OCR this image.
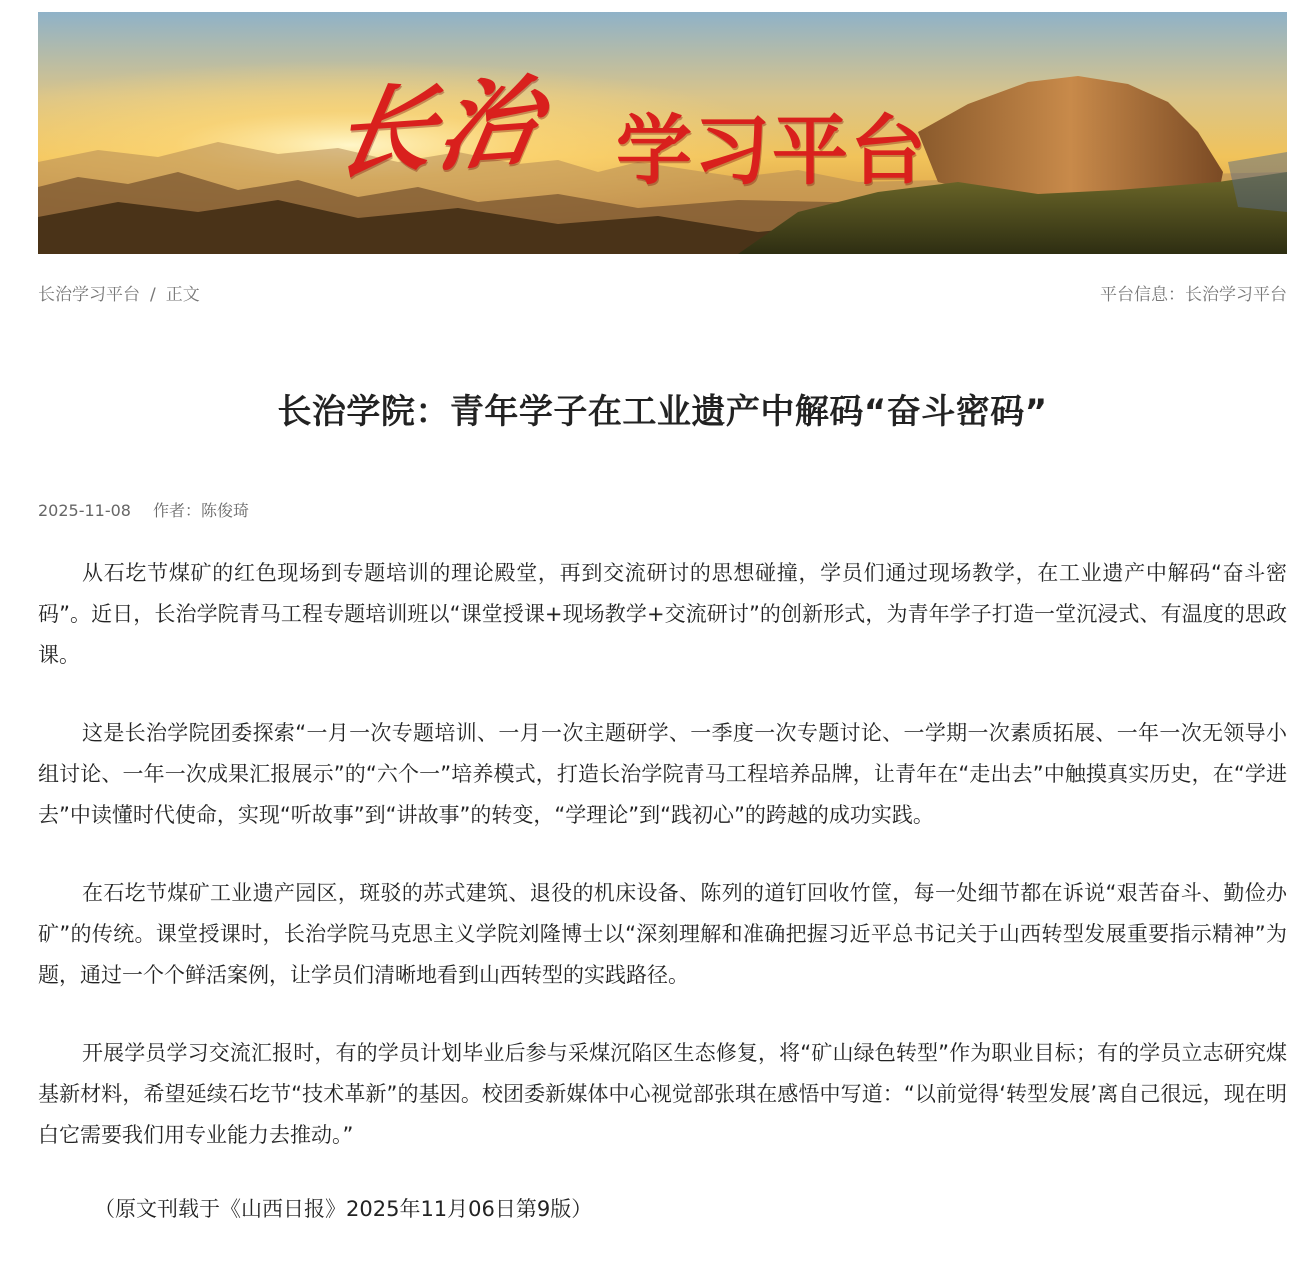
长治 学习平台
长治学习平台 / 正文	平台信息：长治学习平台
长治学院：青年学子在工业遗产中解码“奋斗密码”
2025-11-08 作者：陈俊琦

从石圪节煤矿的红色现场到专题培训的理论殿堂，再到交流研讨的思想碰撞，学员们通过现场教学，在工业遗产中解码“奋斗密码”。近日，长治学院青马工程专题培训班以“课堂授课+现场教学+交流研讨”的创新形式，为青年学子打造一堂沉浸式、有温度的思政课。

这是长治学院团委探索“一月一次专题培训、一月一次主题研学、一季度一次专题讨论、一学期一次素质拓展、一年一次无领导小组讨论、一年一次成果汇报展示”的“六个一”培养模式，打造长治学院青马工程培养品牌，让青年在“走出去”中触摸真实历史，在“学进去”中读懂时代使命，实现“听故事”到“讲故事”的转变，“学理论”到“践初心”的跨越的成功实践。

在石圪节煤矿工业遗产园区，斑驳的苏式建筑、退役的机床设备、陈列的道钉回收竹筐，每一处细节都在诉说“艰苦奋斗、勤俭办矿”的传统。课堂授课时，长治学院马克思主义学院刘隆博士以“深刻理解和准确把握习近平总书记关于山西转型发展重要指示精神”为题，通过一个个鲜活案例，让学员们清晰地看到山西转型的实践路径。

开展学员学习交流汇报时，有的学员计划毕业后参与采煤沉陷区生态修复，将“矿山绿色转型”作为职业目标；有的学员立志研究煤基新材料，希望延续石圪节“技术革新”的基因。校团委新媒体中心视觉部张琪在感悟中写道：“以前觉得‘转型发展’离自己很远，现在明白它需要我们用专业能力去推动。”

（原文刊载于《山西日报》2025年11月06日第9版）
